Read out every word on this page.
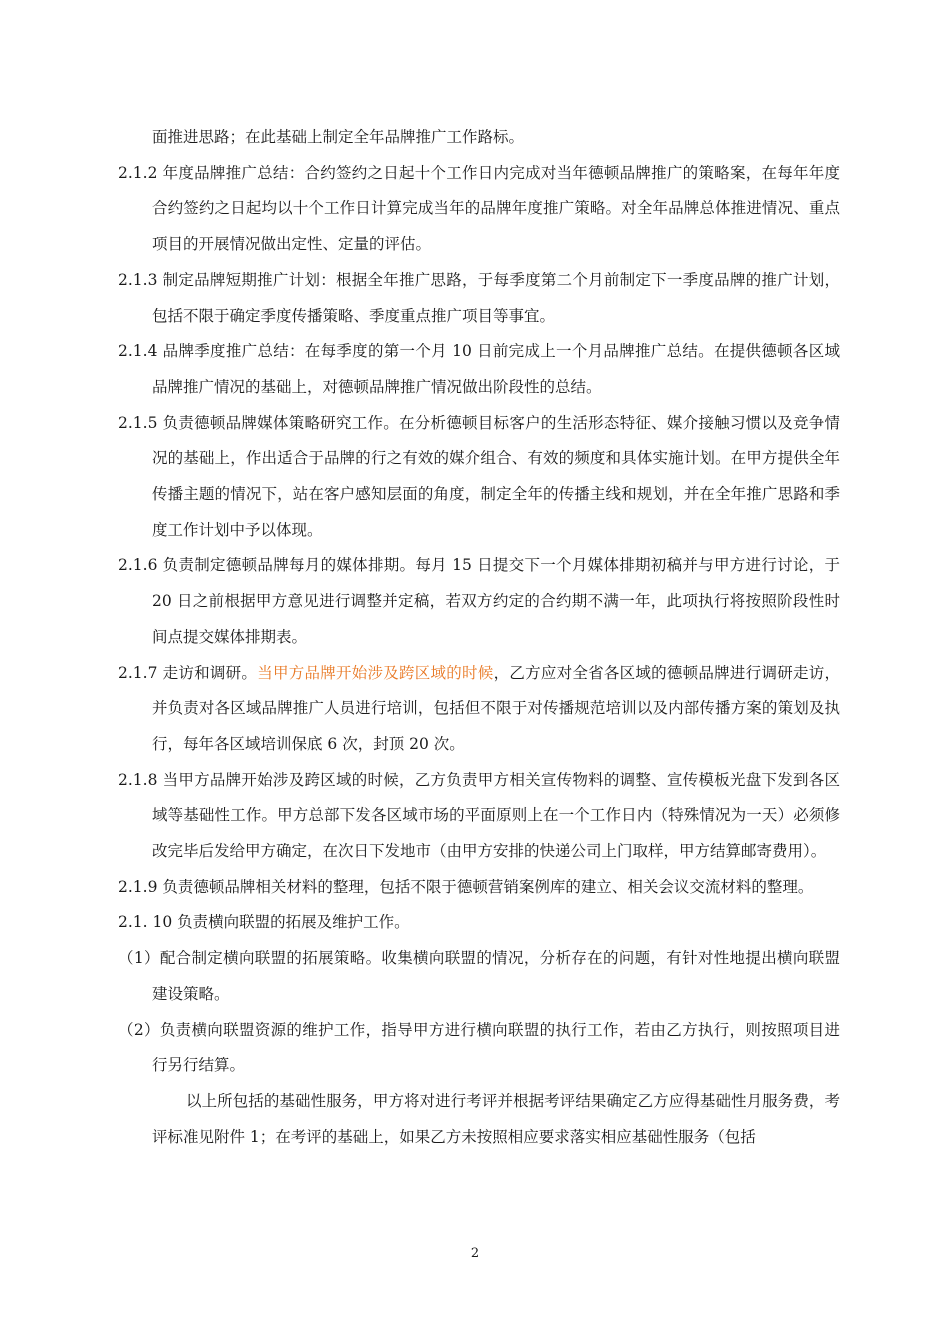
面推进思路；在此基础上制定全年品牌推广工作路标。

2.1.2 年度品牌推广总结：合约签约之日起十个工作日内完成对当年德顿品牌推广的策略案，在每年年度合约签约之日起均以十个工作日计算完成当年的品牌年度推广策略。对全年品牌总体推进情况、重点项目的开展情况做出定性、定量的评估。

2.1.3 制定品牌短期推广计划：根据全年推广思路，于每季度第二个月前制定下一季度品牌的推广计划，包括不限于确定季度传播策略、季度重点推广项目等事宜。

2.1.4 品牌季度推广总结：在每季度的第一个月 10 日前完成上一个月品牌推广总结。在提供德顿各区域品牌推广情况的基础上，对德顿品牌推广情况做出阶段性的总结。

2.1.5 负责德顿品牌媒体策略研究工作。在分析德顿目标客户的生活形态特征、媒介接触习惯以及竞争情况的基础上，作出适合于品牌的行之有效的媒介组合、有效的频度和具体实施计划。在甲方提供全年传播主题的情况下，站在客户感知层面的角度，制定全年的传播主线和规划，并在全年推广思路和季度工作计划中予以体现。

2.1.6 负责制定德顿品牌每月的媒体排期。每月 15 日提交下一个月媒体排期初稿并与甲方进行讨论，于 20 日之前根据甲方意见进行调整并定稿，若双方约定的合约期不满一年，此项执行将按照阶段性时间点提交媒体排期表。

2.1.7 走访和调研。当甲方品牌开始涉及跨区域的时候，乙方应对全省各区域的德顿品牌进行调研走访，并负责对各区域品牌推广人员进行培训，包括但不限于对传播规范培训以及内部传播方案的策划及执行，每年各区域培训保底 6 次，封顶 20 次。

2.1.8 当甲方品牌开始涉及跨区域的时候，乙方负责甲方相关宣传物料的调整、宣传模板光盘下发到各区域等基础性工作。甲方总部下发各区域市场的平面原则上在一个工作日内（特殊情况为一天）必须修改完毕后发给甲方确定，在次日下发地市（由甲方安排的快递公司上门取样，甲方结算邮寄费用）。

2.1.9 负责德顿品牌相关材料的整理，包括不限于德顿营销案例库的建立、相关会议交流材料的整理。

2.1. 10 负责横向联盟的拓展及维护工作。

（1）配合制定横向联盟的拓展策略。收集横向联盟的情况，分析存在的问题，有针对性地提出横向联盟建设策略。

（2）负责横向联盟资源的维护工作，指导甲方进行横向联盟的执行工作，若由乙方执行，则按照项目进行另行结算。

以上所包括的基础性服务，甲方将对进行考评并根据考评结果确定乙方应得基础性月服务费，考评标准见附件 1；在考评的基础上，如果乙方未按照相应要求落实相应基础性服务（包括

2
